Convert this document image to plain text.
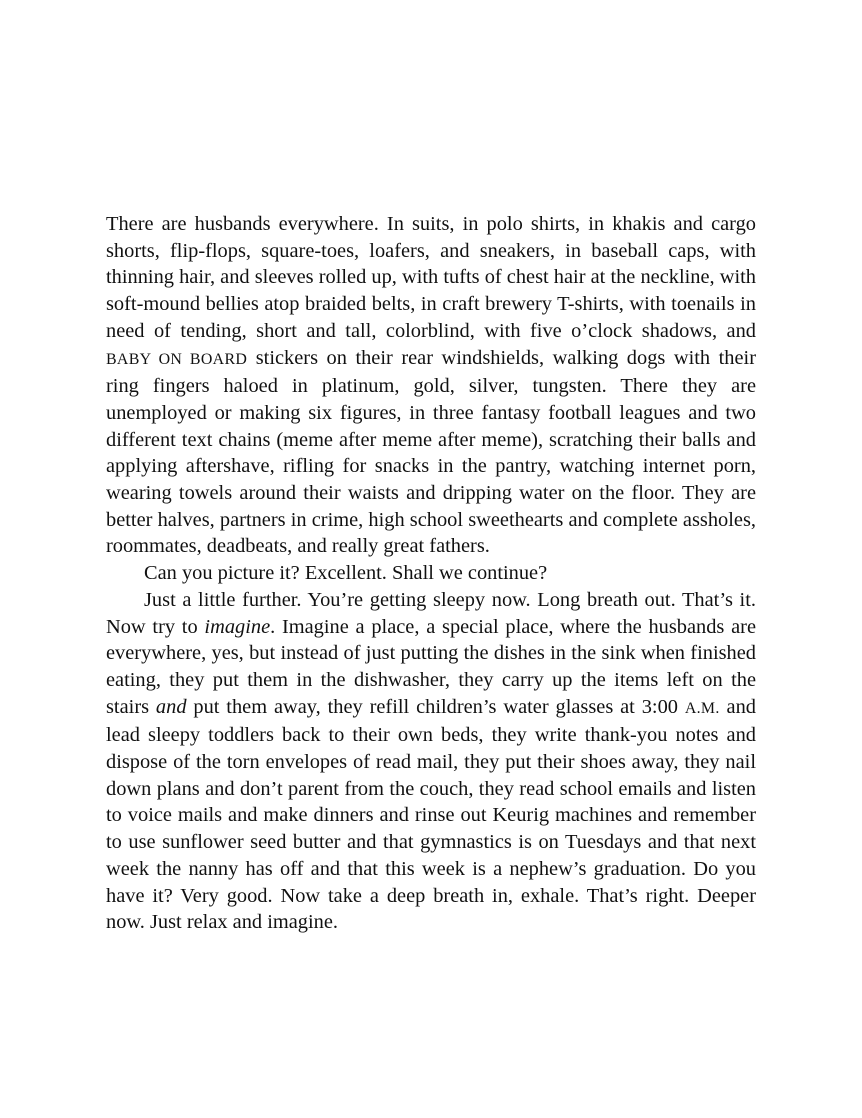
There are husbands everywhere. In suits, in polo shirts, in khakis and cargo shorts, flip-flops, square-toes, loafers, and sneakers, in baseball caps, with thinning hair, and sleeves rolled up, with tufts of chest hair at the neckline, with soft-mound bellies atop braided belts, in craft brewery T-shirts, with toenails in need of tending, short and tall, colorblind, with five o’clock shadows, and BABY ON BOARD stickers on their rear windshields, walking dogs with their ring fingers haloed in platinum, gold, silver, tungsten. There they are unemployed or making six figures, in three fantasy football leagues and two different text chains (meme after meme after meme), scratching their balls and applying aftershave, rifling for snacks in the pantry, watching internet porn, wearing towels around their waists and dripping water on the floor. They are better halves, partners in crime, high school sweethearts and complete assholes, roommates, deadbeats, and really great fathers.

Can you picture it? Excellent. Shall we continue?

Just a little further. You’re getting sleepy now. Long breath out. That’s it. Now try to imagine. Imagine a place, a special place, where the husbands are everywhere, yes, but instead of just putting the dishes in the sink when finished eating, they put them in the dishwasher, they carry up the items left on the stairs and put them away, they refill children’s water glasses at 3:00 A.M. and lead sleepy toddlers back to their own beds, they write thank-you notes and dispose of the torn envelopes of read mail, they put their shoes away, they nail down plans and don’t parent from the couch, they read school emails and listen to voice mails and make dinners and rinse out Keurig machines and remember to use sunflower seed butter and that gymnastics is on Tuesdays and that next week the nanny has off and that this week is a nephew’s graduation. Do you have it? Very good. Now take a deep breath in, exhale. That’s right. Deeper now. Just relax and imagine.
